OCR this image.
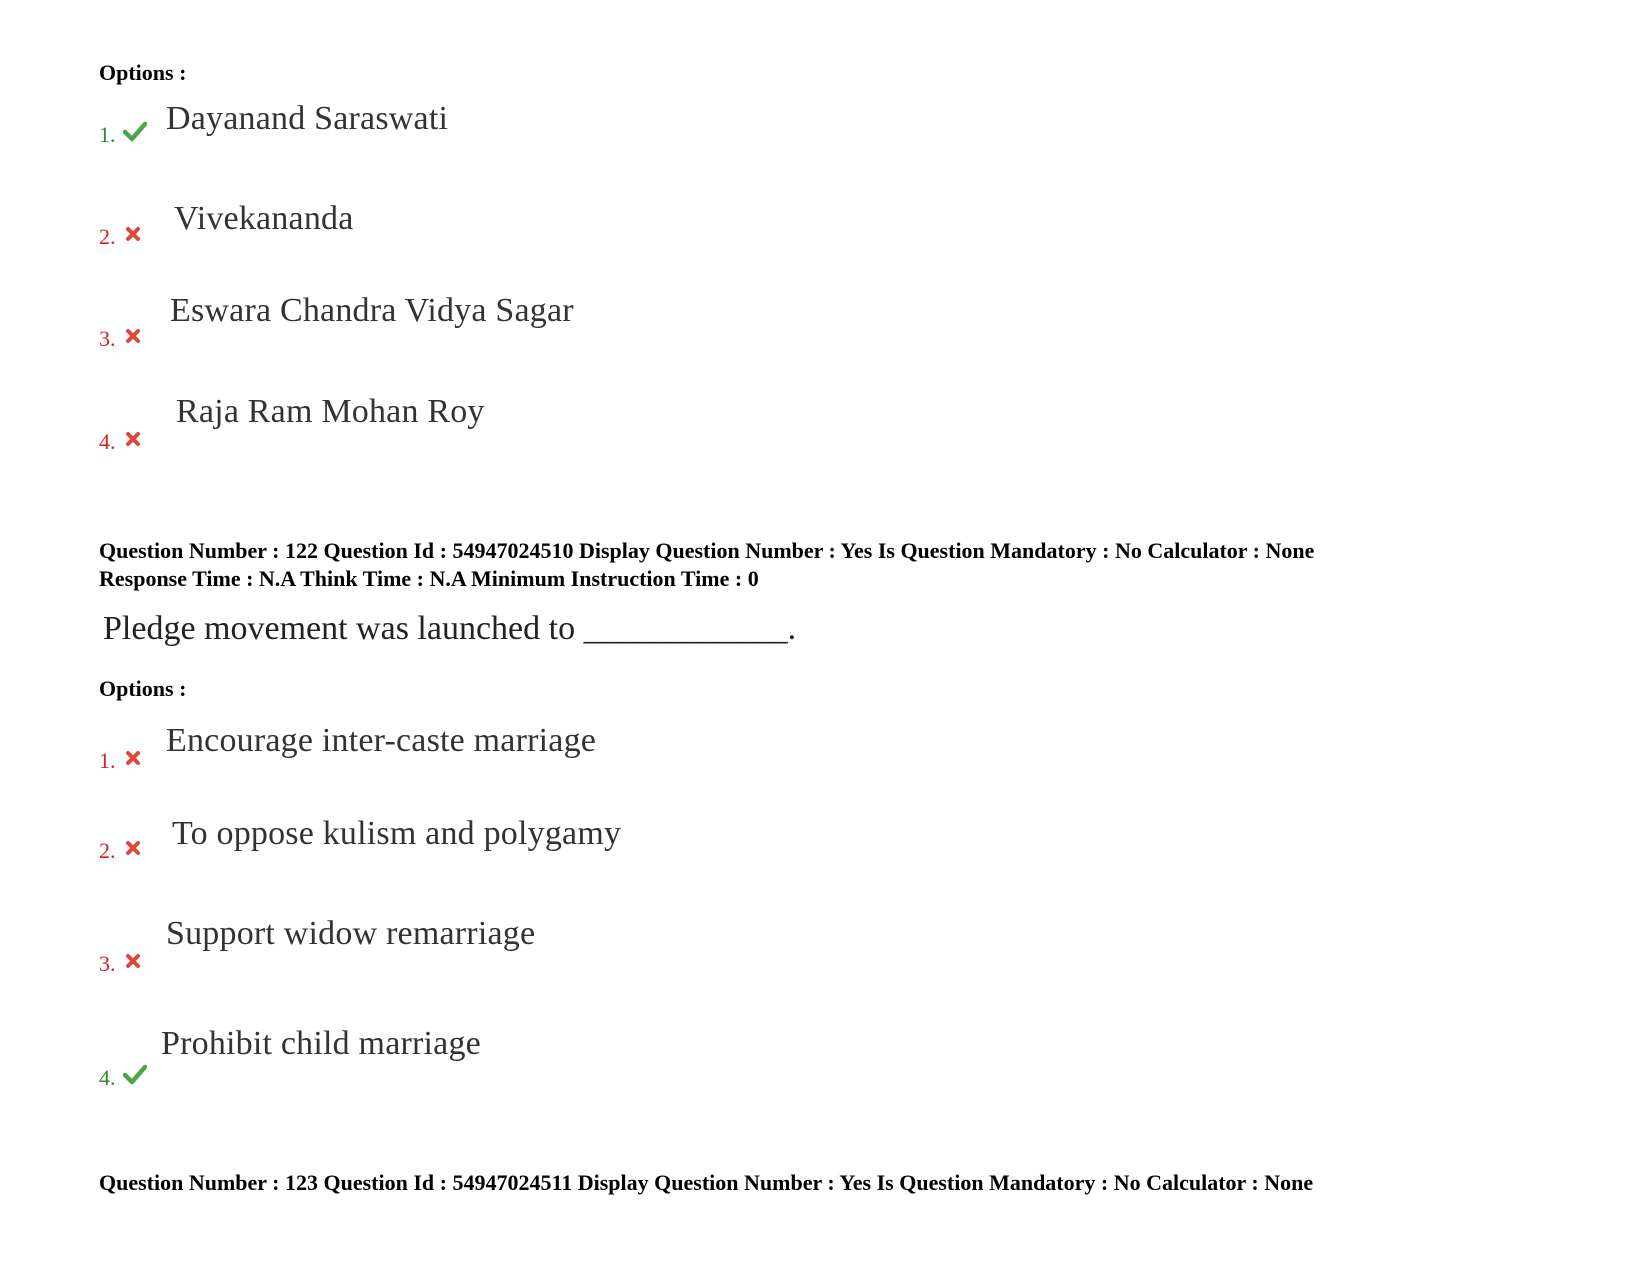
Options :
1. Dayanand Saraswati
2. Vivekananda
3.
Eswara Chandra Vidya Sagar
4.
Raja Ram Mohan Roy
Question Number : 122 Question Id : 54947024510 Display Question Number : Yes Is Question Mandatory : No Calculator : None
Response Time : N.A Think Time : N.A Minimum Instruction Time : 0
Pledge movement was launched to ____________.
Options :
1.
Encourage inter-caste marriage
2. To oppose kulism and polygamy
3.
Support widow remarriage
4.
Prohibit child marriage
Question Number : 123 Question Id : 54947024511 Display Question Number : Yes Is Question Mandatory : No Calculator : None
